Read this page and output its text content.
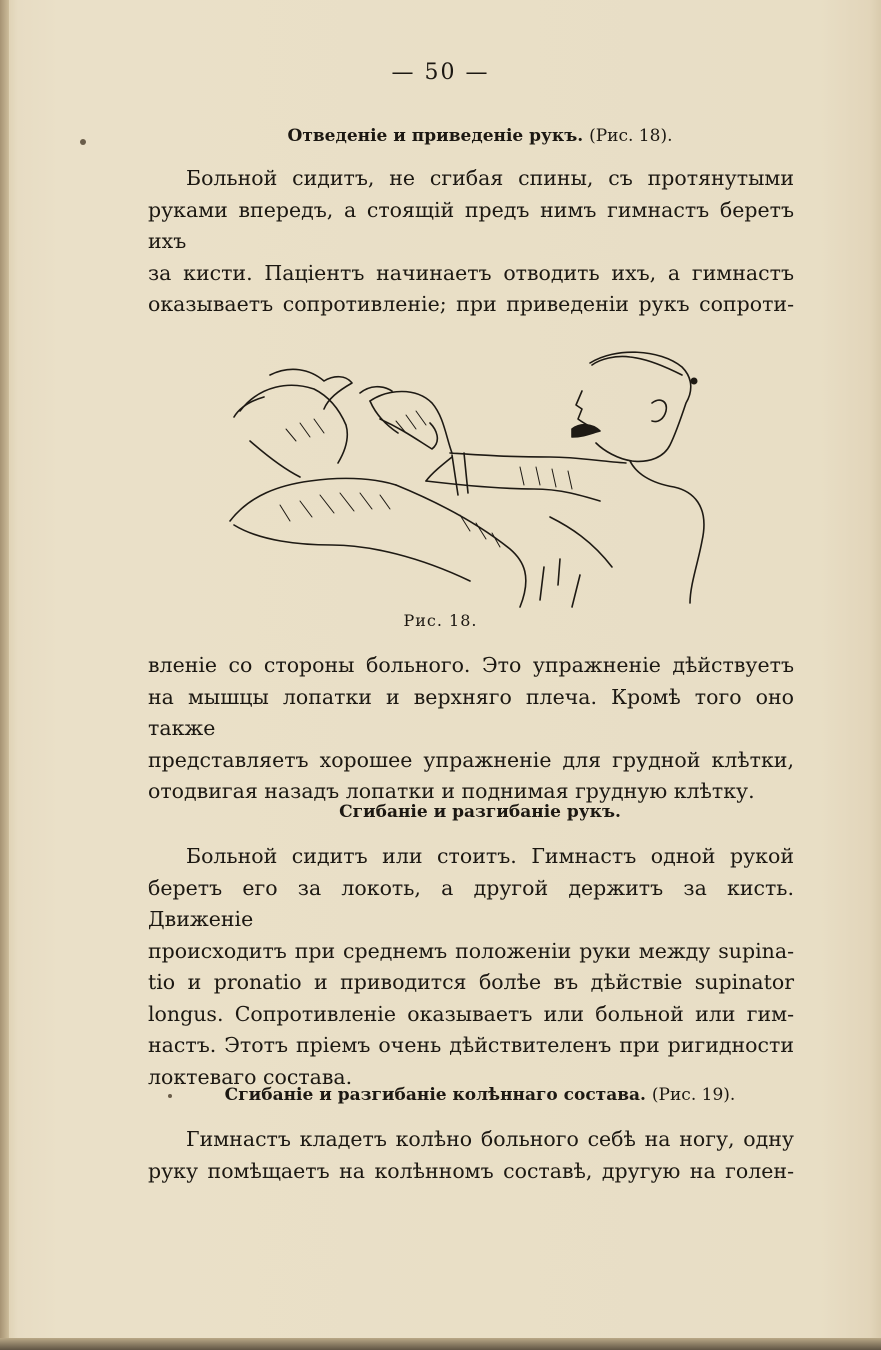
— 50 —
Отведенiе и приведенiе рукъ. (Рис. 18).

Больной сидитъ, не сгибая спины, съ протянутыми
руками впередъ, а стоящiй предъ нимъ гимнастъ беретъ ихъ
за кисти. Пацiентъ начинаетъ отводить ихъ, а гимнастъ
оказываетъ сопротивленiе; при приведенiи рукъ сопроти-

Рис. 18.

вленiе со стороны больного. Это упражненiе дѣйствуетъ
на мышцы лопатки и верхняго плеча. Кромѣ того оно также
представляетъ хорошее упражненiе для грудной клѣтки,
отодвигая назадъ лопатки и поднимая грудную клѣтку.

Сгибанiе и разгибанiе рукъ.

Больной сидитъ или стоитъ. Гимнастъ одной рукой
беретъ его за локоть, а другой держитъ за кисть. Движенiе
происходитъ при среднемъ положенiи руки между supina-
tio и pronatio и приводится болѣе въ дѣйствiе supinator
longus. Сопротивленiе оказываетъ или больной или гим-
настъ. Этотъ прiемъ очень дѣйствителенъ при ригидности
локтеваго состава.

Сгибанiе и разгибанiе колѣннаго состава. (Рис. 19).

Гимнастъ кладетъ колѣно больного себѣ на ногу, одну
руку помѣщаетъ на колѣнномъ составѣ, другую на голен-
